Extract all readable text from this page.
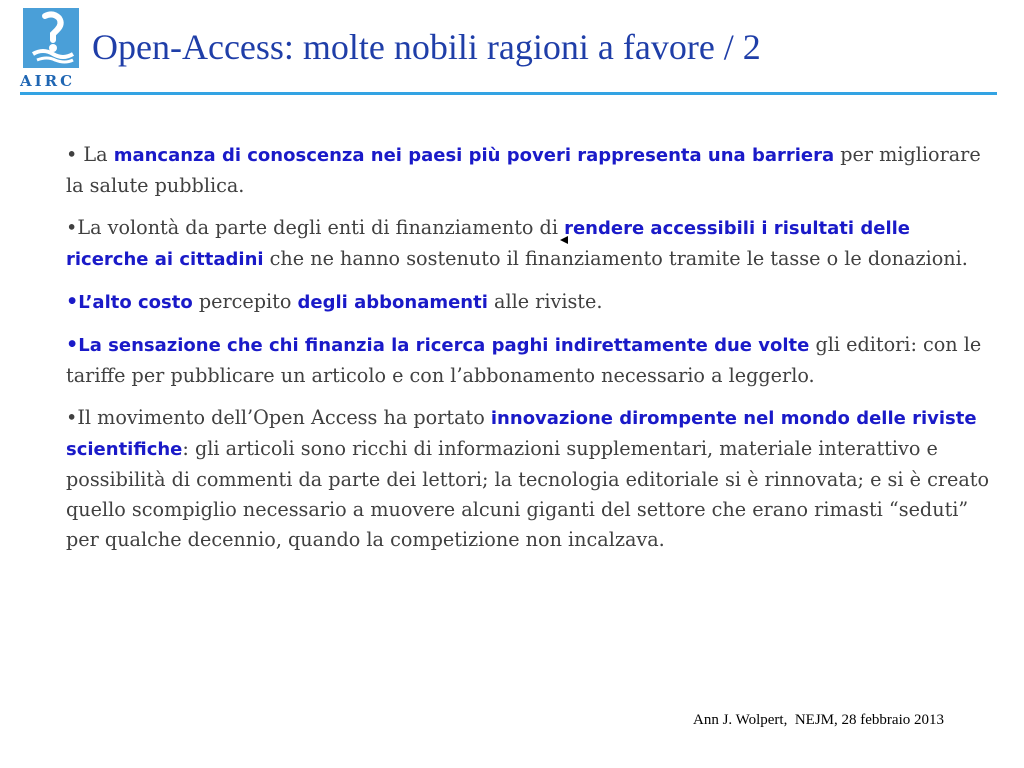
AIRC
Open-Access: molte nobili ragioni a favore / 2

• La mancanza di conoscenza nei paesi più poveri rappresenta una barriera per migliorare la salute pubblica.

•La volontà da parte degli enti di finanziamento di rendere accessibili i risultati delle ricerche ai cittadini che ne hanno sostenuto il finanziamento tramite le tasse o le donazioni.

•L’alto costo percepito degli abbonamenti alle riviste.

•La sensazione che chi finanzia la ricerca paghi indirettamente due volte gli editori: con le tariffe per pubblicare un articolo e con l’abbonamento necessario a leggerlo.

•Il movimento dell’Open Access ha portato innovazione dirompente nel mondo delle riviste scientifiche: gli articoli sono ricchi di informazioni supplementari, materiale interattivo e possibilità di commenti da parte dei lettori; la tecnologia editoriale si è rinnovata; e si è creato quello scompiglio necessario a muovere alcuni giganti del settore che erano rimasti “seduti” per qualche decennio, quando la competizione non incalzava.

Ann J. Wolpert,  NEJM, 28 febbraio 2013
